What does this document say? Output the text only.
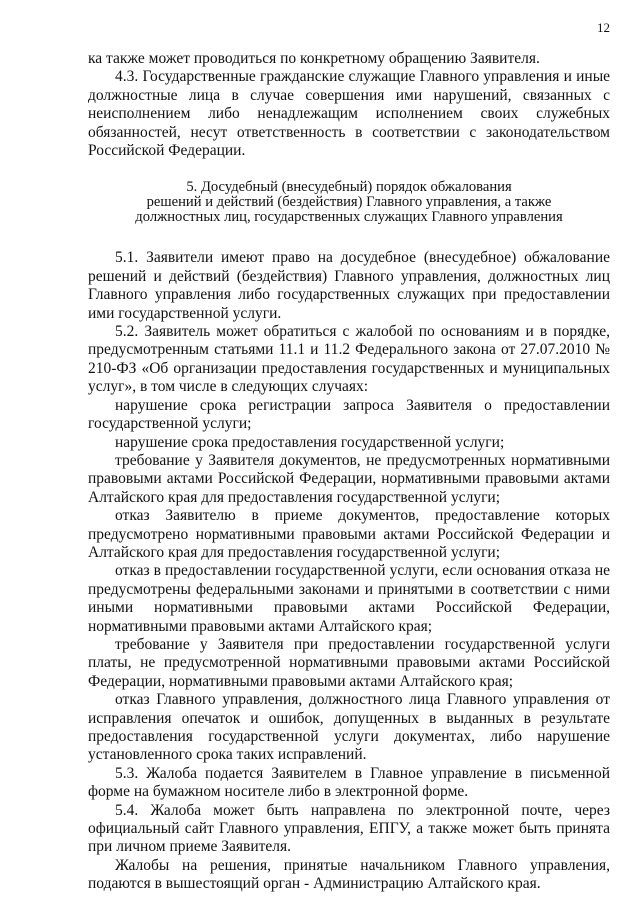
12

ка также может проводиться по конкретному обращению Заявителя.

4.3. Государственные гражданские служащие Главного управления и иные должностные лица в случае совершения ими нарушений, связанных с неисполнением либо ненадлежащим исполнением своих служебных обязанностей, несут ответственность в соответствии с законодательством Российской Федерации.

5. Досудебный (внесудебный) порядок обжалования
решений и действий (бездействия) Главного управления, а также
должностных лиц, государственных служащих Главного управления

5.1. Заявители имеют право на досудебное (внесудебное) обжалование решений и действий (бездействия) Главного управления, должностных лиц Главного управления либо государственных служащих при предоставлении ими государственной услуги.

5.2. Заявитель может обратиться с жалобой по основаниям и в порядке, предусмотренным статьями 11.1 и 11.2 Федерального закона от 27.07.2010 № 210-ФЗ «Об организации предоставления государственных и муниципальных услуг», в том числе в следующих случаях:

нарушение срока регистрации запроса Заявителя о предоставлении государственной услуги;

нарушение срока предоставления государственной услуги;

требование у Заявителя документов, не предусмотренных нормативными правовыми актами Российской Федерации, нормативными правовыми актами Алтайского края для предоставления государственной услуги;

отказ Заявителю в приеме документов, предоставление которых предусмотрено нормативными правовыми актами Российской Федерации и Алтайского края для предоставления государственной услуги;

отказ в предоставлении государственной услуги, если основания отказа не предусмотрены федеральными законами и принятыми в соответствии с ними иными нормативными правовыми актами Российской Федерации, нормативными правовыми актами Алтайского края;

требование у Заявителя при предоставлении государственной услуги платы, не предусмотренной нормативными правовыми актами Российской Федерации, нормативными правовыми актами Алтайского края;

отказ Главного управления, должностного лица Главного управления от исправления опечаток и ошибок, допущенных в выданных в результате предоставления государственной услуги документах, либо нарушение установленного срока таких исправлений.

5.3. Жалоба подается Заявителем в Главное управление в письменной форме на бумажном носителе либо в электронной форме.

5.4. Жалоба может быть направлена по электронной почте, через официальный сайт Главного управления, ЕПГУ, а также может быть принята при личном приеме Заявителя.

Жалобы на решения, принятые начальником Главного управления, подаются в вышестоящий орган - Администрацию Алтайского края.
